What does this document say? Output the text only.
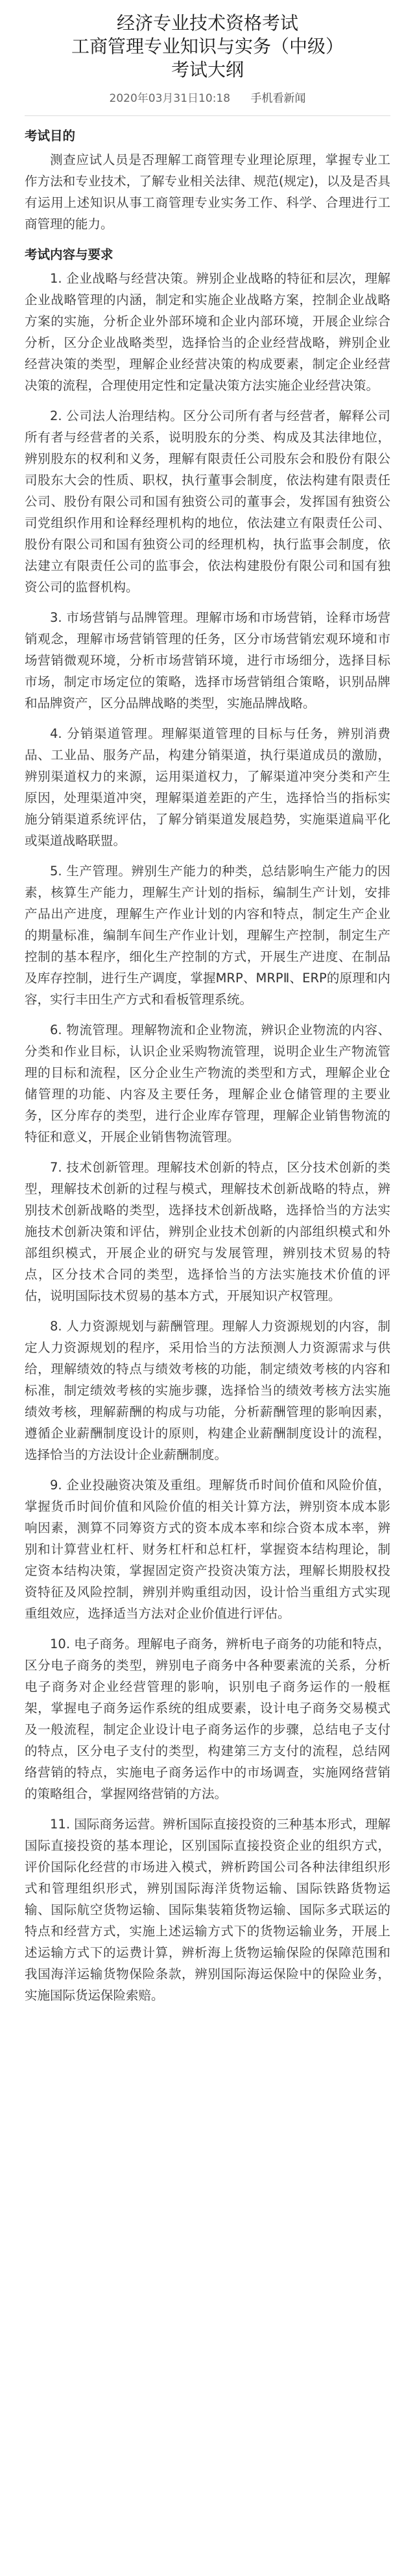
经济专业技术资格考试
工商管理专业知识与实务（中级）
考试大纲
2020年03月31日10:18 手机看新闻
考试目的

测查应试人员是否理解工商管理专业理论原理，掌握专业工作方法和专业技术，了解专业相关法律、规范(规定)，以及是否具有运用上述知识从事工商管理专业实务工作、科学、合理进行工商管理的能力。

考试内容与要求

1. 企业战略与经营决策。辨别企业战略的特征和层次，理解企业战略管理的内涵，制定和实施企业战略方案，控制企业战略方案的实施，分析企业外部环境和企业内部环境，开展企业综合分析，区分企业战略类型，选择恰当的企业经营战略，辨别企业经营决策的类型，理解企业经营决策的构成要素，制定企业经营决策的流程，合理使用定性和定量决策方法实施企业经营决策。

2. 公司法人治理结构。区分公司所有者与经营者，解释公司所有者与经营者的关系，说明股东的分类、构成及其法律地位，辨别股东的权利和义务，理解有限责任公司股东会和股份有限公司股东大会的性质、职权，执行董事会制度，依法构建有限责任公司、股份有限公司和国有独资公司的董事会，发挥国有独资公司党组织作用和诠释经理机构的地位，依法建立有限责任公司、股份有限公司和国有独资公司的经理机构，执行监事会制度，依法建立有限责任公司的监事会，依法构建股份有限公司和国有独资公司的监督机构。

3. 市场营销与品牌管理。理解市场和市场营销，诠释市场营销观念，理解市场营销管理的任务，区分市场营销宏观环境和市场营销微观环境，分析市场营销环境，进行市场细分，选择目标市场，制定市场定位的策略，选择市场营销组合策略，识别品牌和品牌资产，区分品牌战略的类型，实施品牌战略。

4. 分销渠道管理。理解渠道管理的目标与任务，辨别消费品、工业品、服务产品，构建分销渠道，执行渠道成员的激励，辨别渠道权力的来源，运用渠道权力，了解渠道冲突分类和产生原因，处理渠道冲突，理解渠道差距的产生，选择恰当的指标实施分销渠道系统评估，了解分销渠道发展趋势，实施渠道扁平化或渠道战略联盟。

5. 生产管理。辨别生产能力的种类，总结影响生产能力的因素，核算生产能力，理解生产计划的指标，编制生产计划，安排产品出产进度，理解生产作业计划的内容和特点，制定生产企业的期量标准，编制车间生产作业计划，理解生产控制，制定生产控制的基本程序，细化生产控制的方式，开展生产进度、在制品及库存控制，进行生产调度，掌握MRP、MRPⅡ、ERP的原理和内容，实行丰田生产方式和看板管理系统。

6. 物流管理。理解物流和企业物流，辨识企业物流的内容、分类和作业目标，认识企业采购物流管理，说明企业生产物流管理的目标和流程，区分企业生产物流的类型和方式，理解企业仓储管理的功能、内容及主要任务，理解企业仓储管理的主要业务，区分库存的类型，进行企业库存管理，理解企业销售物流的特征和意义，开展企业销售物流管理。

7. 技术创新管理。理解技术创新的特点，区分技术创新的类型，理解技术创新的过程与模式，理解技术创新战略的特点，辨别技术创新战略的类型，选择技术创新战略，选择恰当的方法实施技术创新决策和评估，辨别企业技术创新的内部组织模式和外部组织模式，开展企业的研究与发展管理，辨别技术贸易的特点，区分技术合同的类型，选择恰当的方法实施技术价值的评估，说明国际技术贸易的基本方式，开展知识产权管理。

8. 人力资源规划与薪酬管理。理解人力资源规划的内容，制定人力资源规划的程序，采用恰当的方法预测人力资源需求与供给，理解绩效的特点与绩效考核的功能，制定绩效考核的内容和标准，制定绩效考核的实施步骤，选择恰当的绩效考核方法实施绩效考核，理解薪酬的构成与功能，分析薪酬管理的影响因素，遵循企业薪酬制度设计的原则，构建企业薪酬制度设计的流程，选择恰当的方法设计企业薪酬制度。

9. 企业投融资决策及重组。理解货币时间价值和风险价值，掌握货币时间价值和风险价值的相关计算方法，辨别资本成本影响因素，测算不同筹资方式的资本成本率和综合资本成本率，辨别和计算营业杠杆、财务杠杆和总杠杆，掌握资本结构理论，制定资本结构决策，掌握固定资产投资决策方法，理解长期股权投资特征及风险控制，辨别并购重组动因，设计恰当重组方式实现重组效应，选择适当方法对企业价值进行评估。

10. 电子商务。理解电子商务，辨析电子商务的功能和特点，区分电子商务的类型，辨别电子商务中各种要素流的关系，分析电子商务对企业经营管理的影响，识别电子商务运作的一般框架，掌握电子商务运作系统的组成要素，设计电子商务交易模式及一般流程，制定企业设计电子商务运作的步骤，总结电子支付的特点，区分电子支付的类型，构建第三方支付的流程，总结网络营销的特点，实施电子商务运作中的市场调查，实施网络营销的策略组合，掌握网络营销的方法。

11. 国际商务运营。辨析国际直接投资的三种基本形式，理解国际直接投资的基本理论，区别国际直接投资企业的组织方式，评价国际化经营的市场进入模式，辨析跨国公司各种法律组织形式和管理组织形式，辨别国际海洋货物运输、国际铁路货物运输、国际航空货物运输、国际集装箱货物运输、国际多式联运的特点和经营方式，实施上述运输方式下的货物运输业务，开展上述运输方式下的运费计算，辨析海上货物运输保险的保障范围和我国海洋运输货物保险条款，辨别国际海运保险中的保险业务，实施国际货运保险索赔。
